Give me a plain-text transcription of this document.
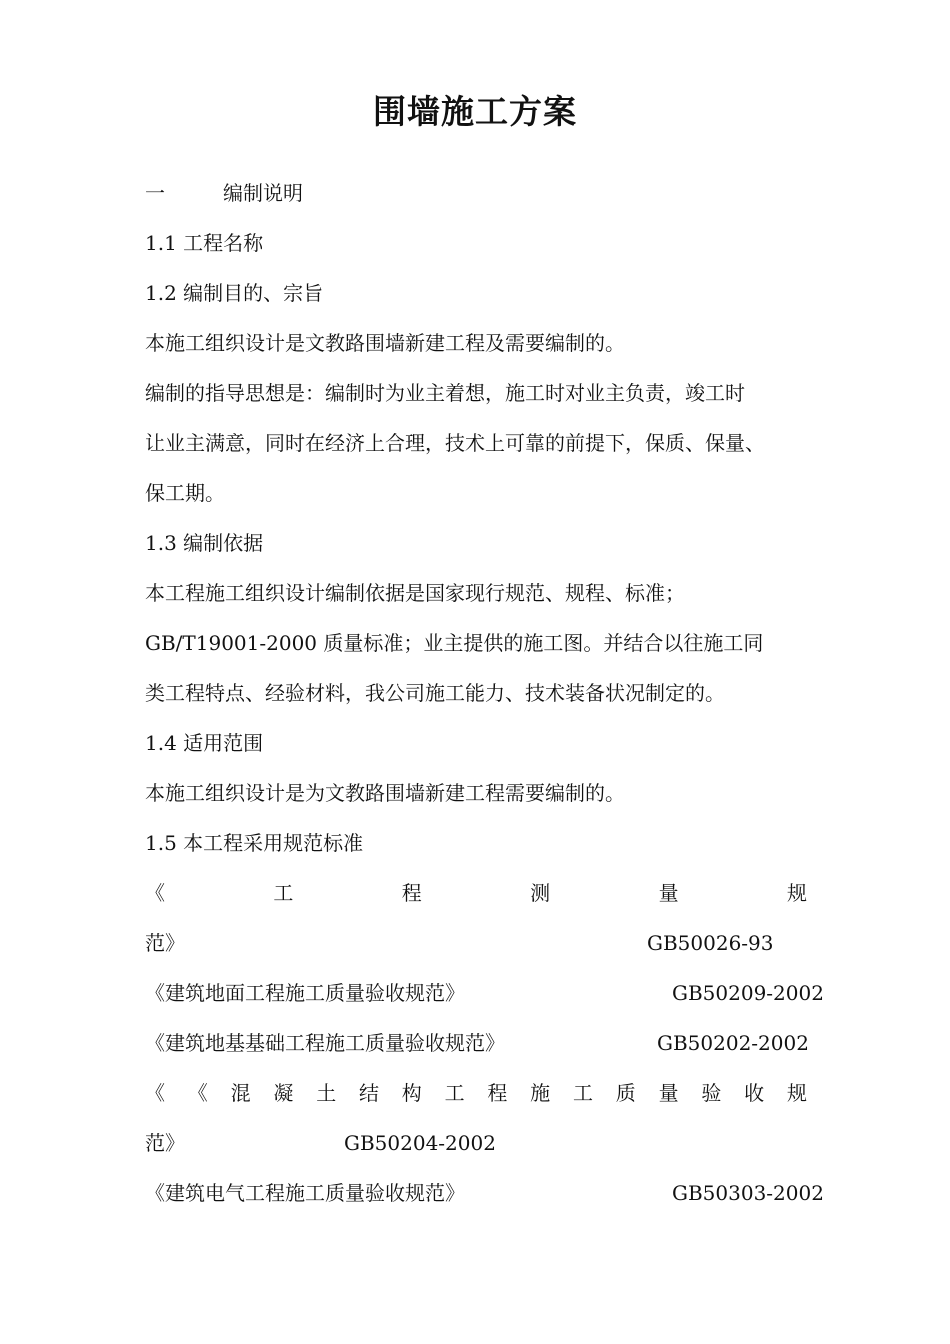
围墙施工方案
一	编制说明
1.1 工程名称
1.2 编制目的、宗旨
本施工组织设计是文教路围墙新建工程及需要编制的。
编制的指导思想是：编制时为业主着想，施工时对业主负责，竣工时
让业主满意，同时在经济上合理，技术上可靠的前提下，保质、保量、
保工期。
1.3 编制依据
本工程施工组织设计编制依据是国家现行规范、规程、标准；
GB/T19001-2000 质量标准；业主提供的施工图。并结合以往施工同
类工程特点、经验材料，我公司施工能力、技术装备状况制定的。
1.4 适用范围
本施工组织设计是为文教路围墙新建工程需要编制的。
1.5 本工程采用规范标准
《	工	程	测	量	规
范》	GB50026-93
《建筑地面工程施工质量验收规范》	GB50209-2002
《建筑地基基础工程施工质量验收规范》	GB50202-2002
《 《 混 凝 土 结 构 工 程 施 工 质 量 验 收 规
范》	GB50204-2002
《建筑电气工程施工质量验收规范》	GB50303-2002
